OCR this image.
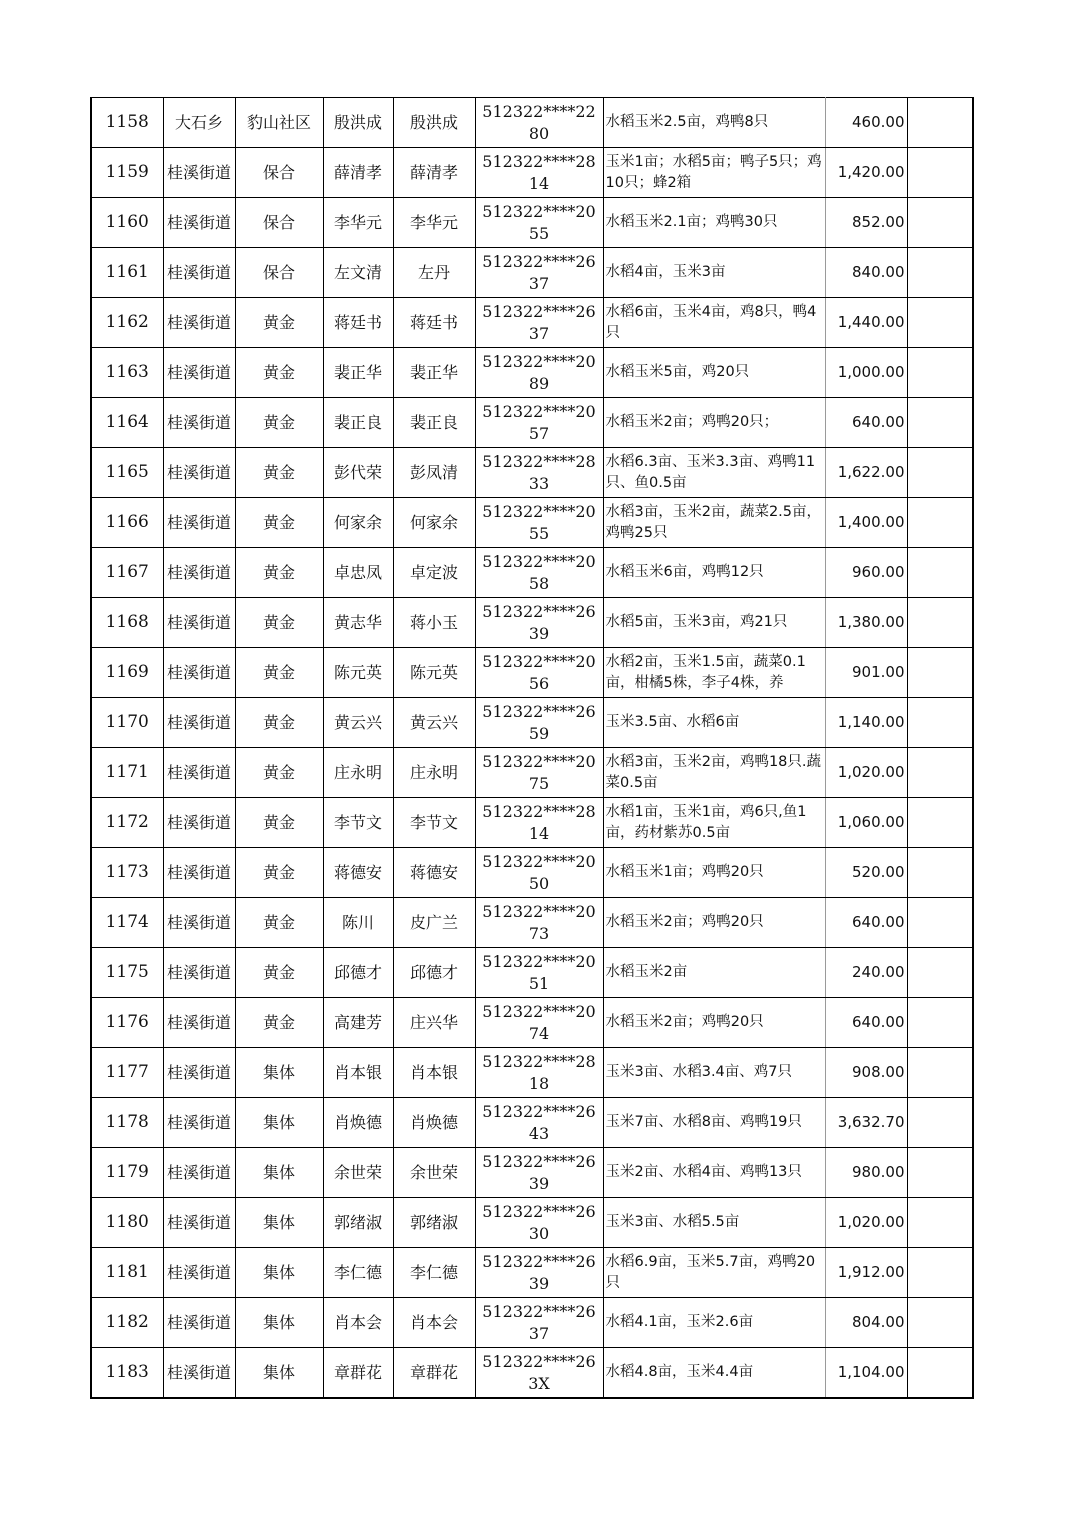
1158	大石乡	豹山社区	殷洪成	殷洪成	512322****2280	水稻玉米2.5亩，鸡鸭8只	460.00	
1159	桂溪街道	保合	薛清孝	薛清孝	512322****2814	玉米1亩；水稻5亩；鸭子5只；鸡10只；蜂2箱	1,420.00	
1160	桂溪街道	保合	李华元	李华元	512322****2055	水稻玉米2.1亩；鸡鸭30只	852.00	
1161	桂溪街道	保合	左文清	左丹	512322****2637	水稻4亩，玉米3亩	840.00	
1162	桂溪街道	黄金	蒋廷书	蒋廷书	512322****2637	水稻6亩，玉米4亩，鸡8只，鸭4只	1,440.00	
1163	桂溪街道	黄金	裴正华	裴正华	512322****2089	水稻玉米5亩，鸡20只	1,000.00	
1164	桂溪街道	黄金	裴正良	裴正良	512322****2057	水稻玉米2亩；鸡鸭20只；	640.00	
1165	桂溪街道	黄金	彭代荣	彭凤清	512322****2833	水稻6.3亩、玉米3.3亩、鸡鸭11只、鱼0.5亩	1,622.00	
1166	桂溪街道	黄金	何家余	何家余	512322****2055	水稻3亩，玉米2亩，蔬菜2.5亩，鸡鸭25只	1,400.00	
1167	桂溪街道	黄金	卓忠凤	卓定波	512322****2058	水稻玉米6亩，鸡鸭12只	960.00	
1168	桂溪街道	黄金	黄志华	蒋小玉	512322****2639	水稻5亩，玉米3亩，鸡21只	1,380.00	
1169	桂溪街道	黄金	陈元英	陈元英	512322****2056	水稻2亩，玉米1.5亩，蔬菜0.1亩，柑橘5株，李子4株，养	901.00	
1170	桂溪街道	黄金	黄云兴	黄云兴	512322****2659	玉米3.5亩、水稻6亩	1,140.00	
1171	桂溪街道	黄金	庄永明	庄永明	512322****2075	水稻3亩，玉米2亩，鸡鸭18只.蔬菜0.5亩	1,020.00	
1172	桂溪街道	黄金	李节文	李节文	512322****2814	水稻1亩，玉米1亩，鸡6只,鱼1亩，药材紫苏0.5亩	1,060.00	
1173	桂溪街道	黄金	蒋德安	蒋德安	512322****2050	水稻玉米1亩；鸡鸭20只	520.00	
1174	桂溪街道	黄金	陈川	皮广兰	512322****2073	水稻玉米2亩；鸡鸭20只	640.00	
1175	桂溪街道	黄金	邱德才	邱德才	512322****2051	水稻玉米2亩	240.00	
1176	桂溪街道	黄金	高建芳	庄兴华	512322****2074	水稻玉米2亩；鸡鸭20只	640.00	
1177	桂溪街道	集体	肖本银	肖本银	512322****2818	玉米3亩、水稻3.4亩、鸡7只	908.00	
1178	桂溪街道	集体	肖焕德	肖焕德	512322****2643	玉米7亩、水稻8亩、鸡鸭19只	3,632.70	
1179	桂溪街道	集体	余世荣	余世荣	512322****2639	玉米2亩、水稻4亩、鸡鸭13只	980.00	
1180	桂溪街道	集体	郭绪淑	郭绪淑	512322****2630	玉米3亩、水稻5.5亩	1,020.00	
1181	桂溪街道	集体	李仁德	李仁德	512322****2639	水稻6.9亩，玉米5.7亩，鸡鸭20只	1,912.00	
1182	桂溪街道	集体	肖本会	肖本会	512322****2637	水稻4.1亩，玉米2.6亩	804.00	
1183	桂溪街道	集体	章群花	章群花	512322****263X	水稻4.8亩，玉米4.4亩	1,104.00	
